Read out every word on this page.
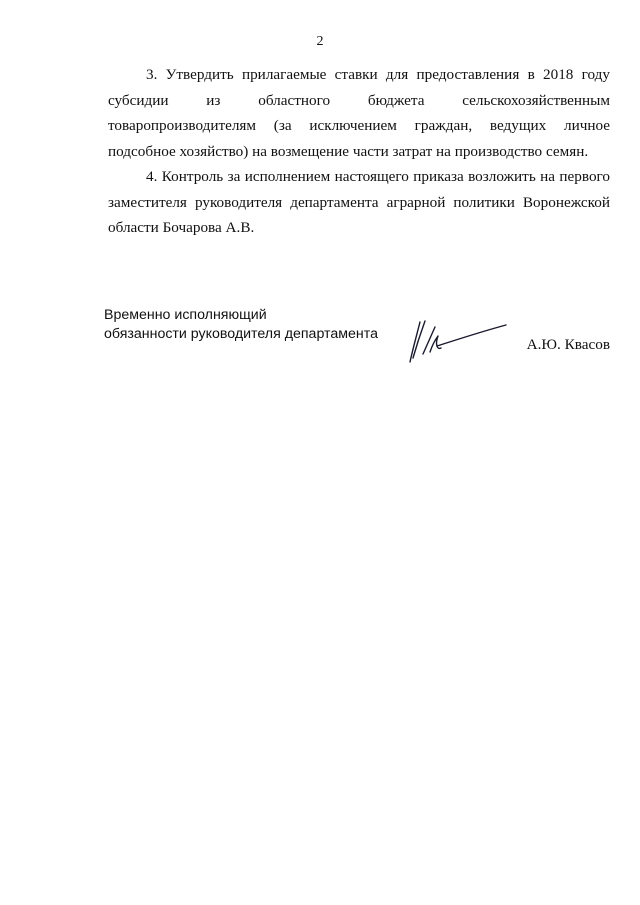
2

3. Утвердить прилагаемые ставки для предоставления в 2018 году субсидии из областного бюджета сельскохозяйственным товаропроизводителям (за исключением граждан, ведущих личное подсобное хозяйство) на возмещение части затрат на производство семян.

4. Контроль за исполнением настоящего приказа возложить на первого заместителя руководителя департамента аграрной политики Воронежской области Бочарова А.В.

Временно исполняющий
обязанности руководителя департамента
А.Ю. Квасов
